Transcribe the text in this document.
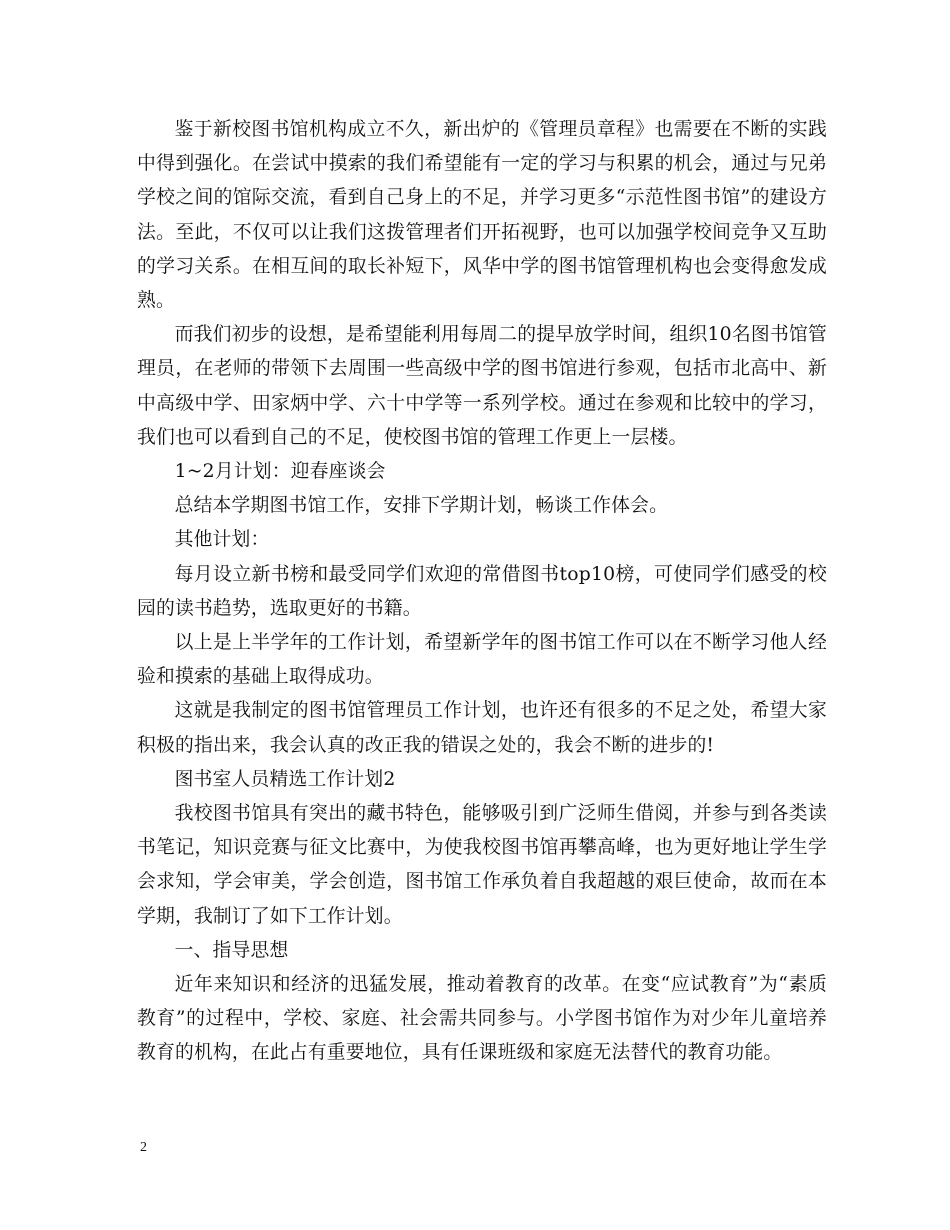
鉴于新校图书馆机构成立不久，新出炉的《管理员章程》也需要在不断的实践中得到强化。在尝试中摸索的我们希望能有一定的学习与积累的机会，通过与兄弟学校之间的馆际交流，看到自己身上的不足，并学习更多“示范性图书馆”的建设方法。至此，不仅可以让我们这拨管理者们开拓视野，也可以加强学校间竞争又互助的学习关系。在相互间的取长补短下，风华中学的图书馆管理机构也会变得愈发成熟。

而我们初步的设想，是希望能利用每周二的提早放学时间，组织10名图书馆管理员，在老师的带领下去周围一些高级中学的图书馆进行参观，包括市北高中、新中高级中学、田家炳中学、六十中学等一系列学校。通过在参观和比较中的学习，我们也可以看到自己的不足，使校图书馆的管理工作更上一层楼。

1~2月计划：迎春座谈会

总结本学期图书馆工作，安排下学期计划，畅谈工作体会。

其他计划：

每月设立新书榜和最受同学们欢迎的常借图书top10榜，可使同学们感受的校园的读书趋势，选取更好的书籍。

以上是上半学年的工作计划，希望新学年的图书馆工作可以在不断学习他人经验和摸索的基础上取得成功。

这就是我制定的图书馆管理员工作计划，也许还有很多的不足之处，希望大家积极的指出来，我会认真的改正我的错误之处的，我会不断的进步的!

图书室人员精选工作计划2

我校图书馆具有突出的藏书特色，能够吸引到广泛师生借阅，并参与到各类读书笔记，知识竞赛与征文比赛中，为使我校图书馆再攀高峰，也为更好地让学生学会求知，学会审美，学会创造，图书馆工作承负着自我超越的艰巨使命，故而在本学期，我制订了如下工作计划。

一、指导思想

近年来知识和经济的迅猛发展，推动着教育的改革。在变“应试教育”为“素质教育”的过程中，学校、家庭、社会需共同参与。小学图书馆作为对少年儿童培养教育的机构，在此占有重要地位，具有任课班级和家庭无法替代的教育功能。

2
